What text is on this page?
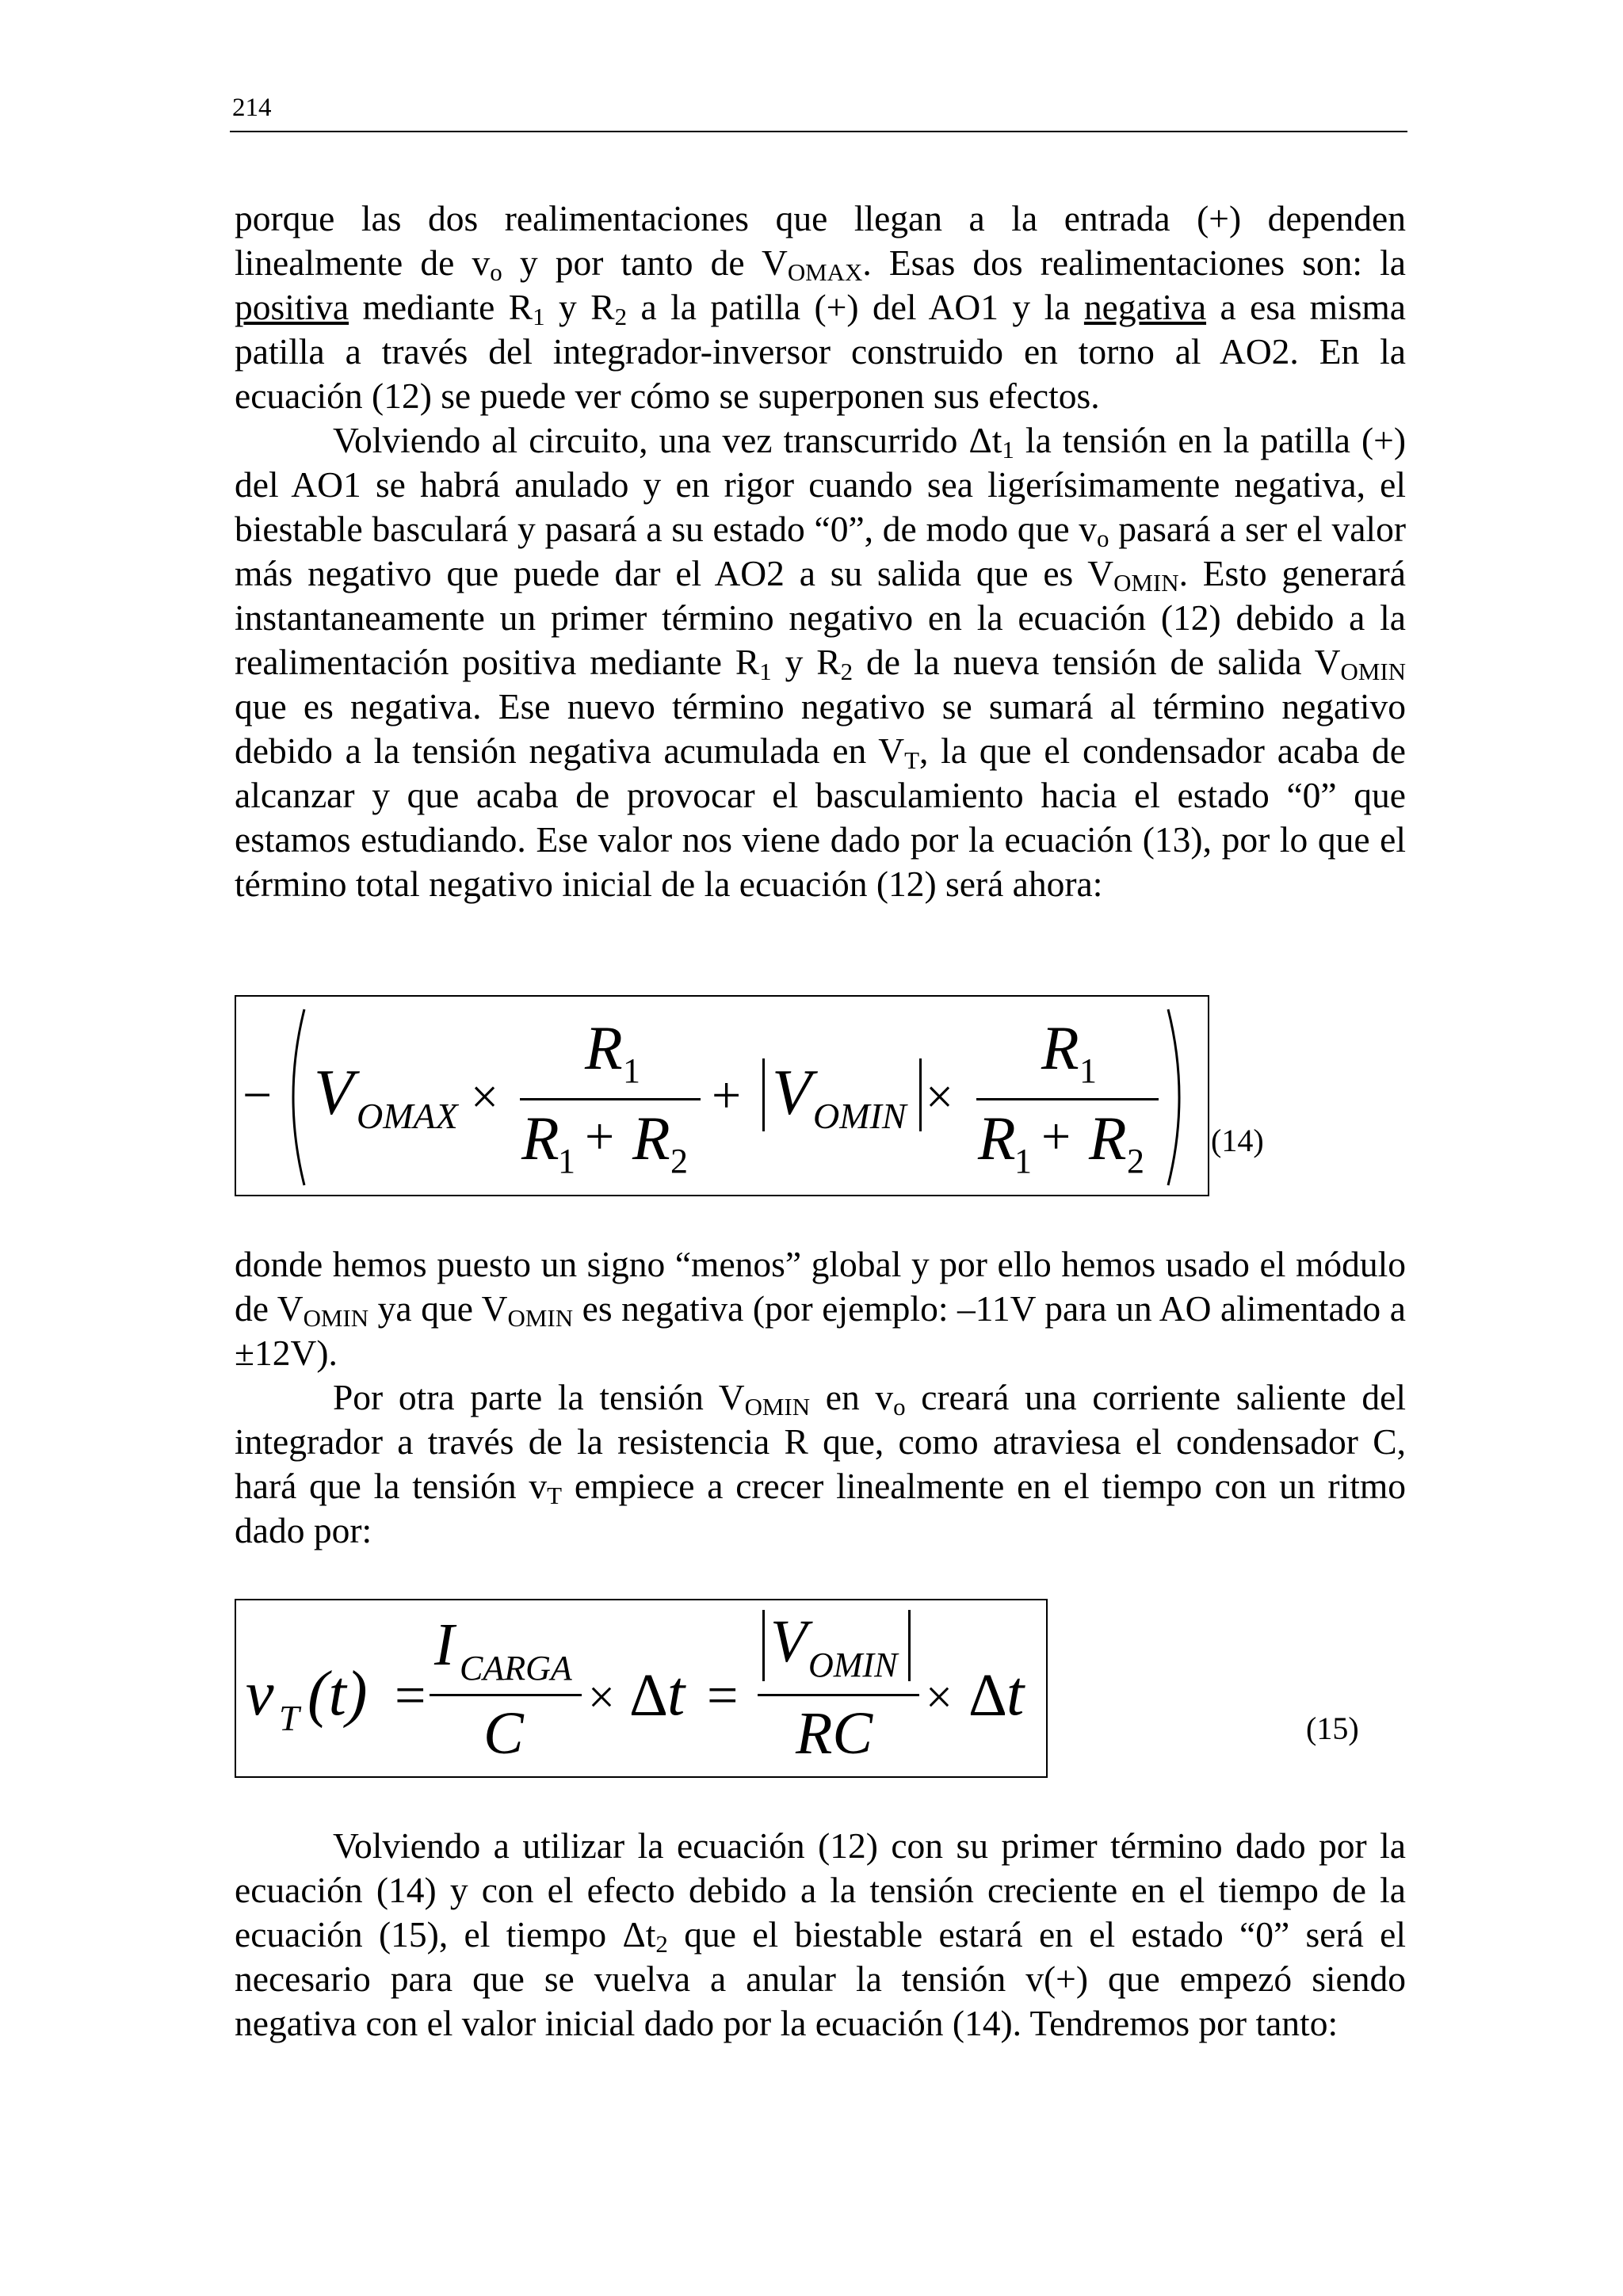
214

porque las dos realimentaciones que llegan a la entrada (+) dependen linealmente de $v_o$ y por tanto de $V_{OMAX}$. Esas dos realimentaciones son: la positiva mediante $R_1$ y $R_2$ a la patilla (+) del AO1 y la negativa a esa misma patilla a través del integrador-inversor construido en torno al AO2. En la ecuación (12) se puede ver cómo se superponen sus efectos.

Volviendo al circuito, una vez transcurrido $\Delta t_1$ la tensión en la patilla (+) del AO1 se habrá anulado y en rigor cuando sea ligerísimamente negativa, el biestable basculará y pasará a su estado “0”, de modo que $v_o$ pasará a ser el valor más negativo que puede dar el AO2 a su salida que es $V_{OMIN}$. Esto generará instantaneamente un primer término negativo en la ecuación (12) debido a la realimentación positiva mediante $R_1$ y $R_2$ de la nueva tensión de salida $V_{OMIN}$ que es negativa. Ese nuevo término negativo se sumará al término negativo debido a la tensión negativa acumulada en $V_T$, la que el condensador acaba de alcanzar y que acaba de provocar el basculamiento hacia el estado “0” que estamos estudiando. Ese valor nos viene dado por la ecuación (13), por lo que el término total negativo inicial de la ecuación (12) será ahora:

− V OMAX ×
R 1
R
1 + R 2
+ V OMIN ×
R 1
R
1 + R 2
(14)

donde hemos puesto un signo “menos” global y por ello hemos usado el módulo de $V_{OMIN}$ ya que $V_{OMIN}$ es negativa (por ejemplo: –11V para un AO alimentado a ±12V).

Por otra parte la tensión $V_{OMIN}$ en $v_o$ creará una corriente saliente del integrador a través de la resistencia R que, como atraviesa el condensador C, hará que la tensión $v_T$ empiece a crecer linealmente en el tiempo con un ritmo dado por:

v T (t) =
I CARGA
C
× Δ t =
V OMIN
RC
× Δ t	(15)

Volviendo a utilizar la ecuación (12) con su primer término dado por la ecuación (14) y con el efecto debido a la tensión creciente en el tiempo de la ecuación (15), el tiempo $\Delta t_2$ que el biestable estará en el estado “0” será el necesario para que se vuelva a anular la tensión v(+) que empezó siendo negativa con el valor inicial dado por la ecuación (14). Tendremos por tanto:
